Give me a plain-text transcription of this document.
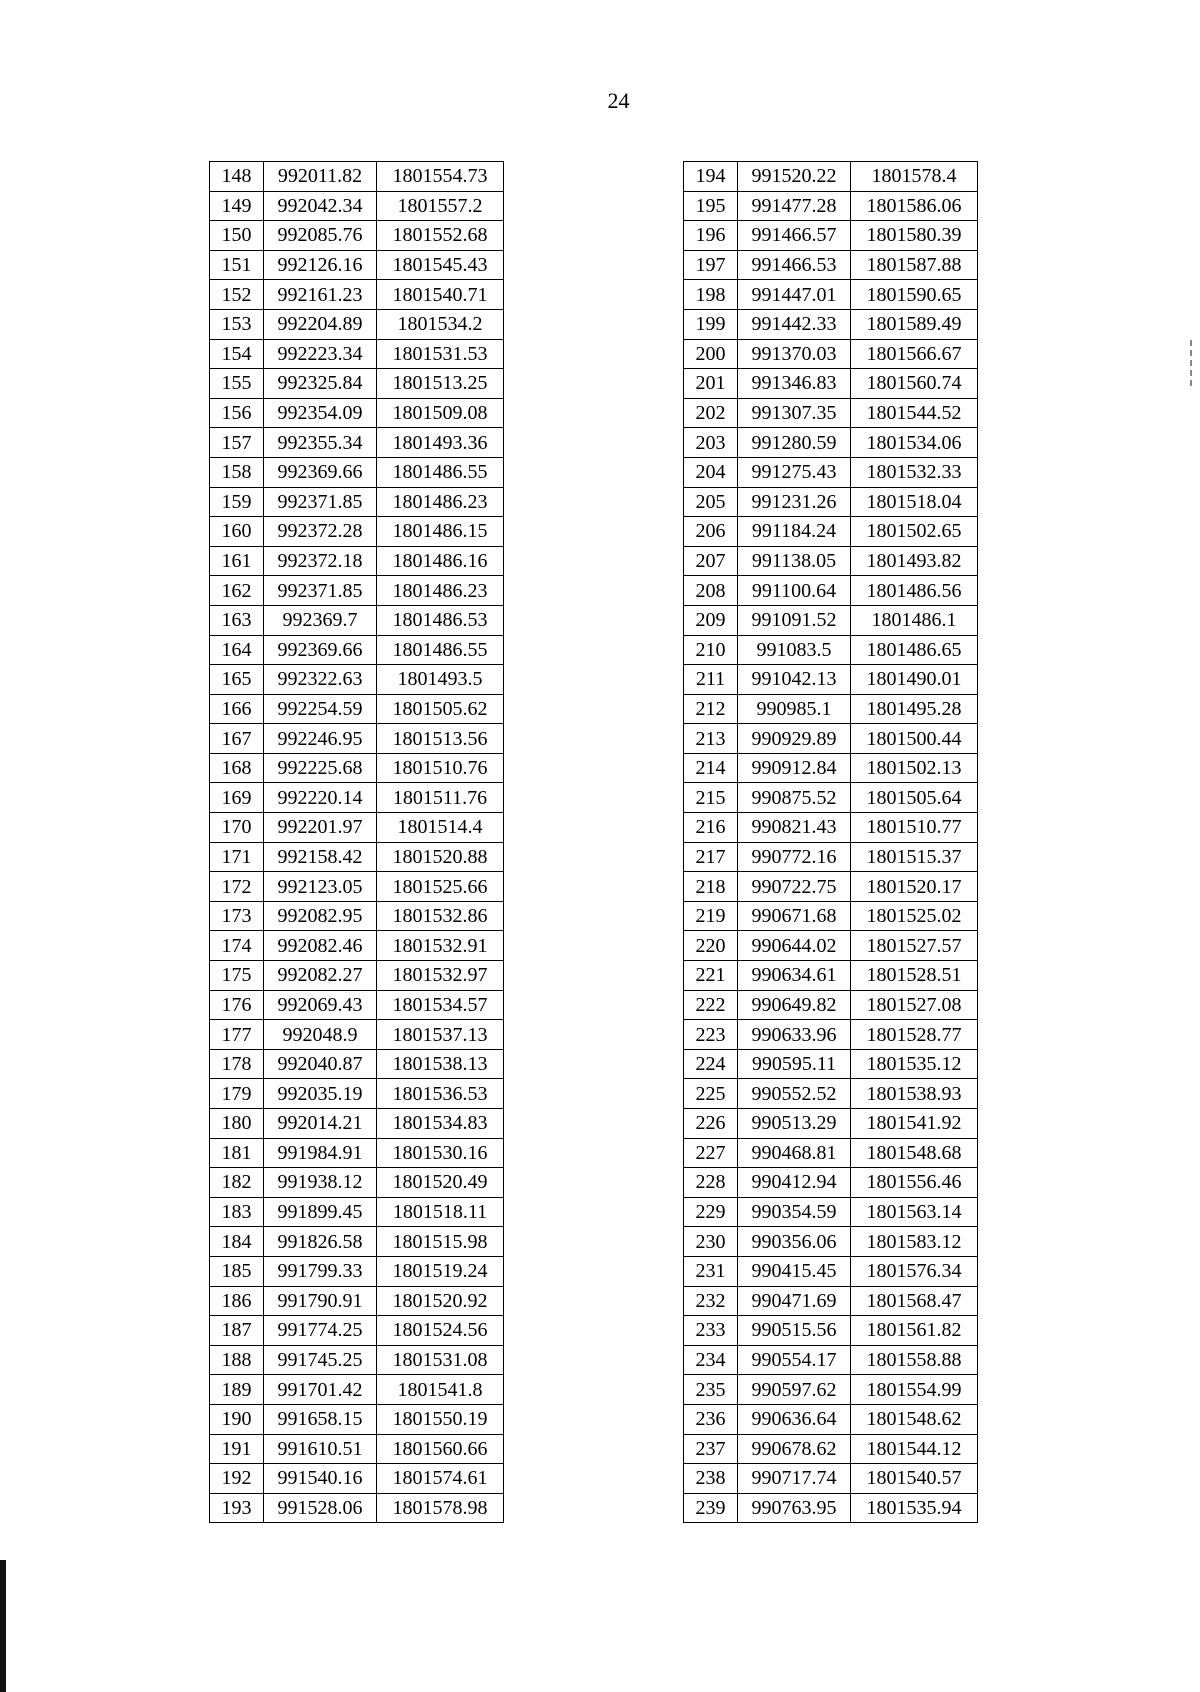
24
148	992011.82	1801554.73
149	992042.34	1801557.2
150	992085.76	1801552.68
151	992126.16	1801545.43
152	992161.23	1801540.71
153	992204.89	1801534.2
154	992223.34	1801531.53
155	992325.84	1801513.25
156	992354.09	1801509.08
157	992355.34	1801493.36
158	992369.66	1801486.55
159	992371.85	1801486.23
160	992372.28	1801486.15
161	992372.18	1801486.16
162	992371.85	1801486.23
163	992369.7	1801486.53
164	992369.66	1801486.55
165	992322.63	1801493.5
166	992254.59	1801505.62
167	992246.95	1801513.56
168	992225.68	1801510.76
169	992220.14	1801511.76
170	992201.97	1801514.4
171	992158.42	1801520.88
172	992123.05	1801525.66
173	992082.95	1801532.86
174	992082.46	1801532.91
175	992082.27	1801532.97
176	992069.43	1801534.57
177	992048.9	1801537.13
178	992040.87	1801538.13
179	992035.19	1801536.53
180	992014.21	1801534.83
181	991984.91	1801530.16
182	991938.12	1801520.49
183	991899.45	1801518.11
184	991826.58	1801515.98
185	991799.33	1801519.24
186	991790.91	1801520.92
187	991774.25	1801524.56
188	991745.25	1801531.08
189	991701.42	1801541.8
190	991658.15	1801550.19
191	991610.51	1801560.66
192	991540.16	1801574.61
193	991528.06	1801578.98
194	991520.22	1801578.4
195	991477.28	1801586.06
196	991466.57	1801580.39
197	991466.53	1801587.88
198	991447.01	1801590.65
199	991442.33	1801589.49
200	991370.03	1801566.67
201	991346.83	1801560.74
202	991307.35	1801544.52
203	991280.59	1801534.06
204	991275.43	1801532.33
205	991231.26	1801518.04
206	991184.24	1801502.65
207	991138.05	1801493.82
208	991100.64	1801486.56
209	991091.52	1801486.1
210	991083.5	1801486.65
211	991042.13	1801490.01
212	990985.1	1801495.28
213	990929.89	1801500.44
214	990912.84	1801502.13
215	990875.52	1801505.64
216	990821.43	1801510.77
217	990772.16	1801515.37
218	990722.75	1801520.17
219	990671.68	1801525.02
220	990644.02	1801527.57
221	990634.61	1801528.51
222	990649.82	1801527.08
223	990633.96	1801528.77
224	990595.11	1801535.12
225	990552.52	1801538.93
226	990513.29	1801541.92
227	990468.81	1801548.68
228	990412.94	1801556.46
229	990354.59	1801563.14
230	990356.06	1801583.12
231	990415.45	1801576.34
232	990471.69	1801568.47
233	990515.56	1801561.82
234	990554.17	1801558.88
235	990597.62	1801554.99
236	990636.64	1801548.62
237	990678.62	1801544.12
238	990717.74	1801540.57
239	990763.95	1801535.94
